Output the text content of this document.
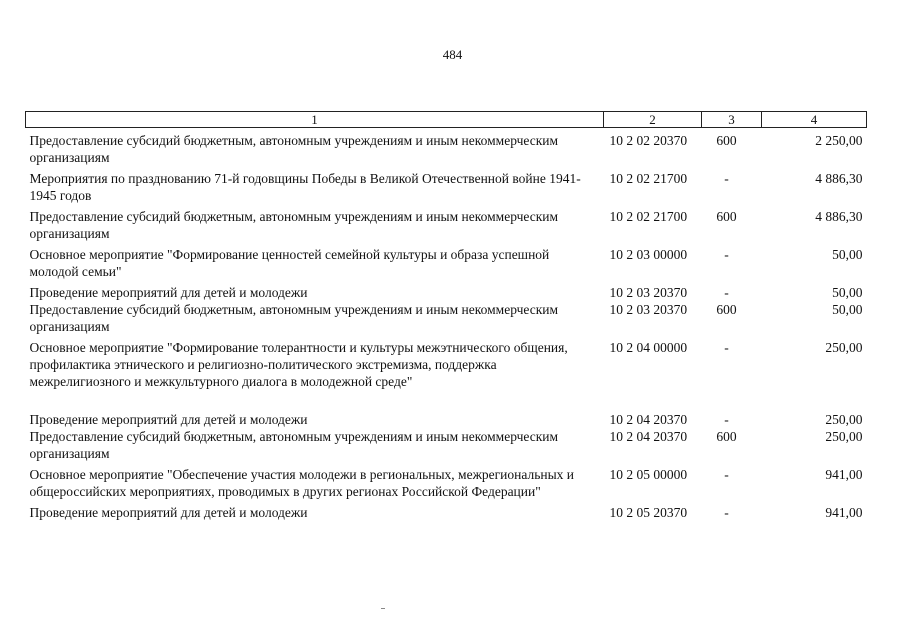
484
1	2	3	4
Предоставление субсидий бюджетным, автономным учреждениям и иным некоммерческим организациям	10 2 02 20370	600	2 250,00
Мероприятия по празднованию 71-й годовщины Победы в Великой Отечественной войне 1941-1945 годов	10 2 02 21700	-	4 886,30
Предоставление субсидий бюджетным, автономным учреждениям и иным некоммерческим организациям	10 2 02 21700	600	4 886,30
Основное мероприятие "Формирование ценностей семейной культуры и образа успешной молодой семьи"	10 2 03 00000	-	50,00
Проведение мероприятий для детей и молодежи	10 2 03 20370	-	50,00
Предоставление субсидий бюджетным, автономным учреждениям и иным некоммерческим организациям	10 2 03 20370	600	50,00
Основное мероприятие "Формирование толерантности и культуры межэтнического общения, профилактика этнического и религиозно-политического экстремизма, поддержка межрелигиозного и межкультурного диалога в молодежной среде"	10 2 04 00000	-	250,00
Проведение мероприятий для детей и молодежи	10 2 04 20370	-	250,00
Предоставление субсидий бюджетным, автономным учреждениям и иным некоммерческим организациям	10 2 04 20370	600	250,00
Основное мероприятие "Обеспечение участия молодежи в региональных, межрегиональных и общероссийских мероприятиях, проводимых в других регионах Российской Федерации"	10 2 05 00000	-	941,00
Проведение мероприятий для детей и молодежи	10 2 05 20370	-	941,00
